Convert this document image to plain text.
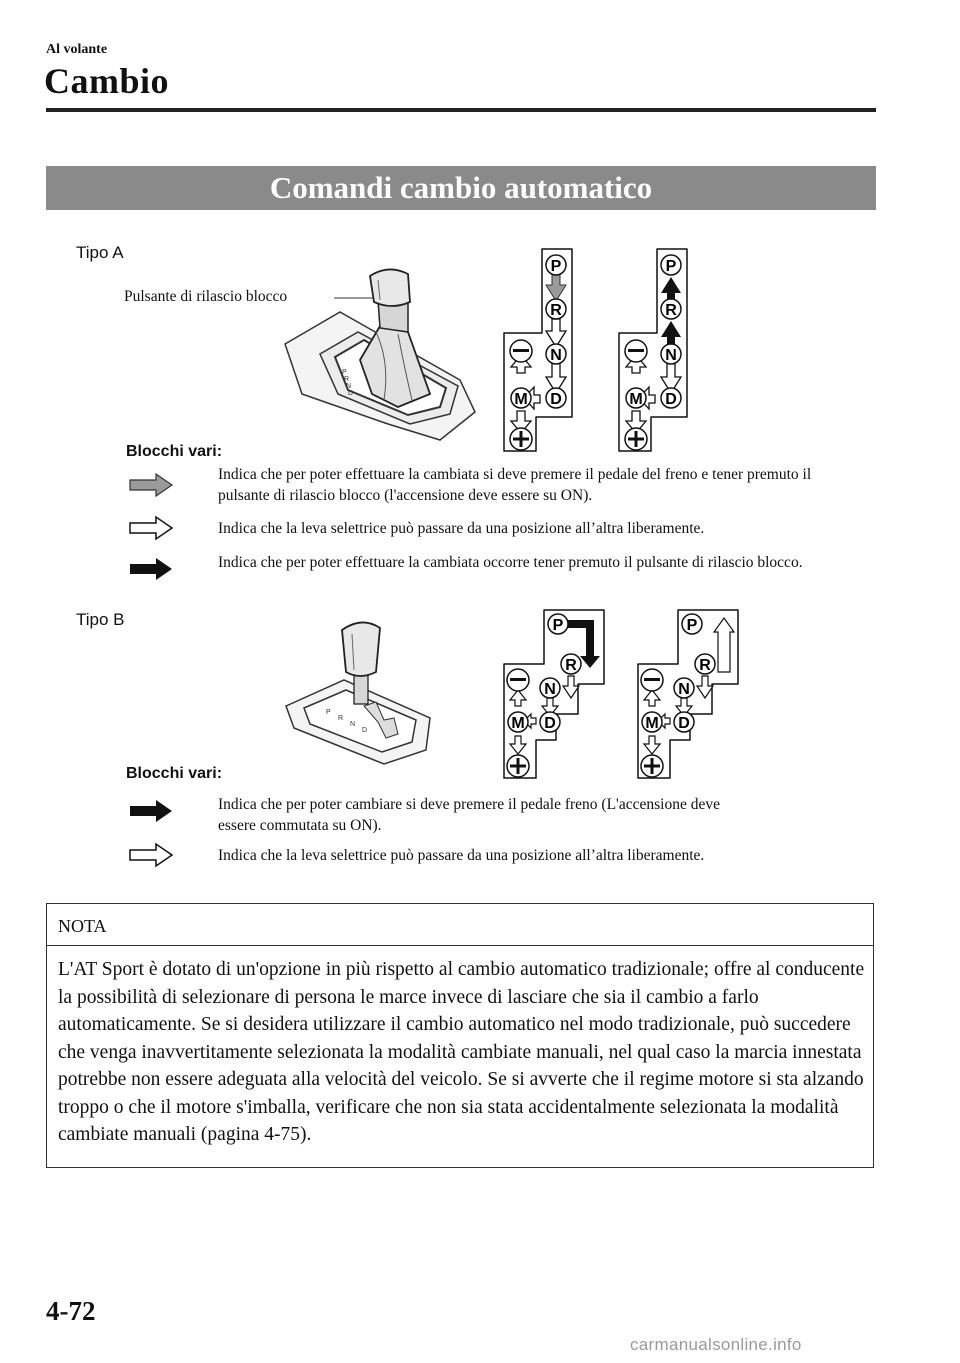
Al volante
Cambio
Comandi cambio automatico
Tipo A
Pulsante di rilascio blocco
P
R
N
D
P
R
N
D
M
P
R
N
D
M
Blocchi vari:
Indica che per poter effettuare la cambiata si deve premere il pedale del freno e tener premuto il pulsante di rilascio blocco (l'accensione deve essere su ON).
Indica che la leva selettrice può passare da una posizione all’altra liberamente.
Indica che per poter effettuare la cambiata occorre tener premuto il pulsante di rilascio blocco.
Tipo B
P
R
N
D
P
R
N
D
M
P
R
N
D
M
Blocchi vari:
Indica che per poter cambiare si deve premere il pedale freno (L'accensione deve essere commutata su ON).
Indica che la leva selettrice può passare da una posizione all’altra liberamente.
NOTA
L'AT Sport è dotato di un'opzione in più rispetto al cambio automatico tradizionale; offre al conducente la possibilità di selezionare di persona le marce invece di lasciare che sia il cambio a farlo automaticamente. Se si desidera utilizzare il cambio automatico nel modo tradizionale, può succedere che venga inavvertitamente selezionata la modalità cambiate manuali, nel qual caso la marcia innestata potrebbe non essere adeguata alla velocità del veicolo. Se si avverte che il regime motore si sta alzando troppo o che il motore s'imballa, verificare che non sia stata accidentalmente selezionata la modalità cambiate manuali (pagina 4-75).
4-72
carmanualsonline.info
